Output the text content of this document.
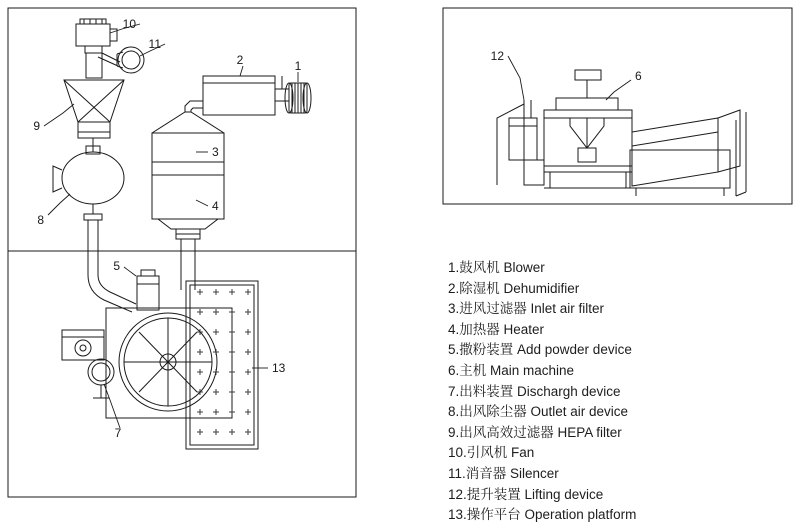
10
11
9
8
2	1
3
4
5
7
13
12
6
1.鼓风机 Blower
2.除湿机 Dehumidifier
3.进风过滤器 Inlet air filter
4.加热器 Heater
5.撒粉装置 Add powder device
6.主机 Main machine
7.出料装置 Dischargh device
8.出风除尘器 Outlet air device
9.出风高效过滤器 HEPA filter
10.引风机 Fan
11.消音器 Silencer
12.提升装置 Lifting device
13.操作平台 Operation platform
